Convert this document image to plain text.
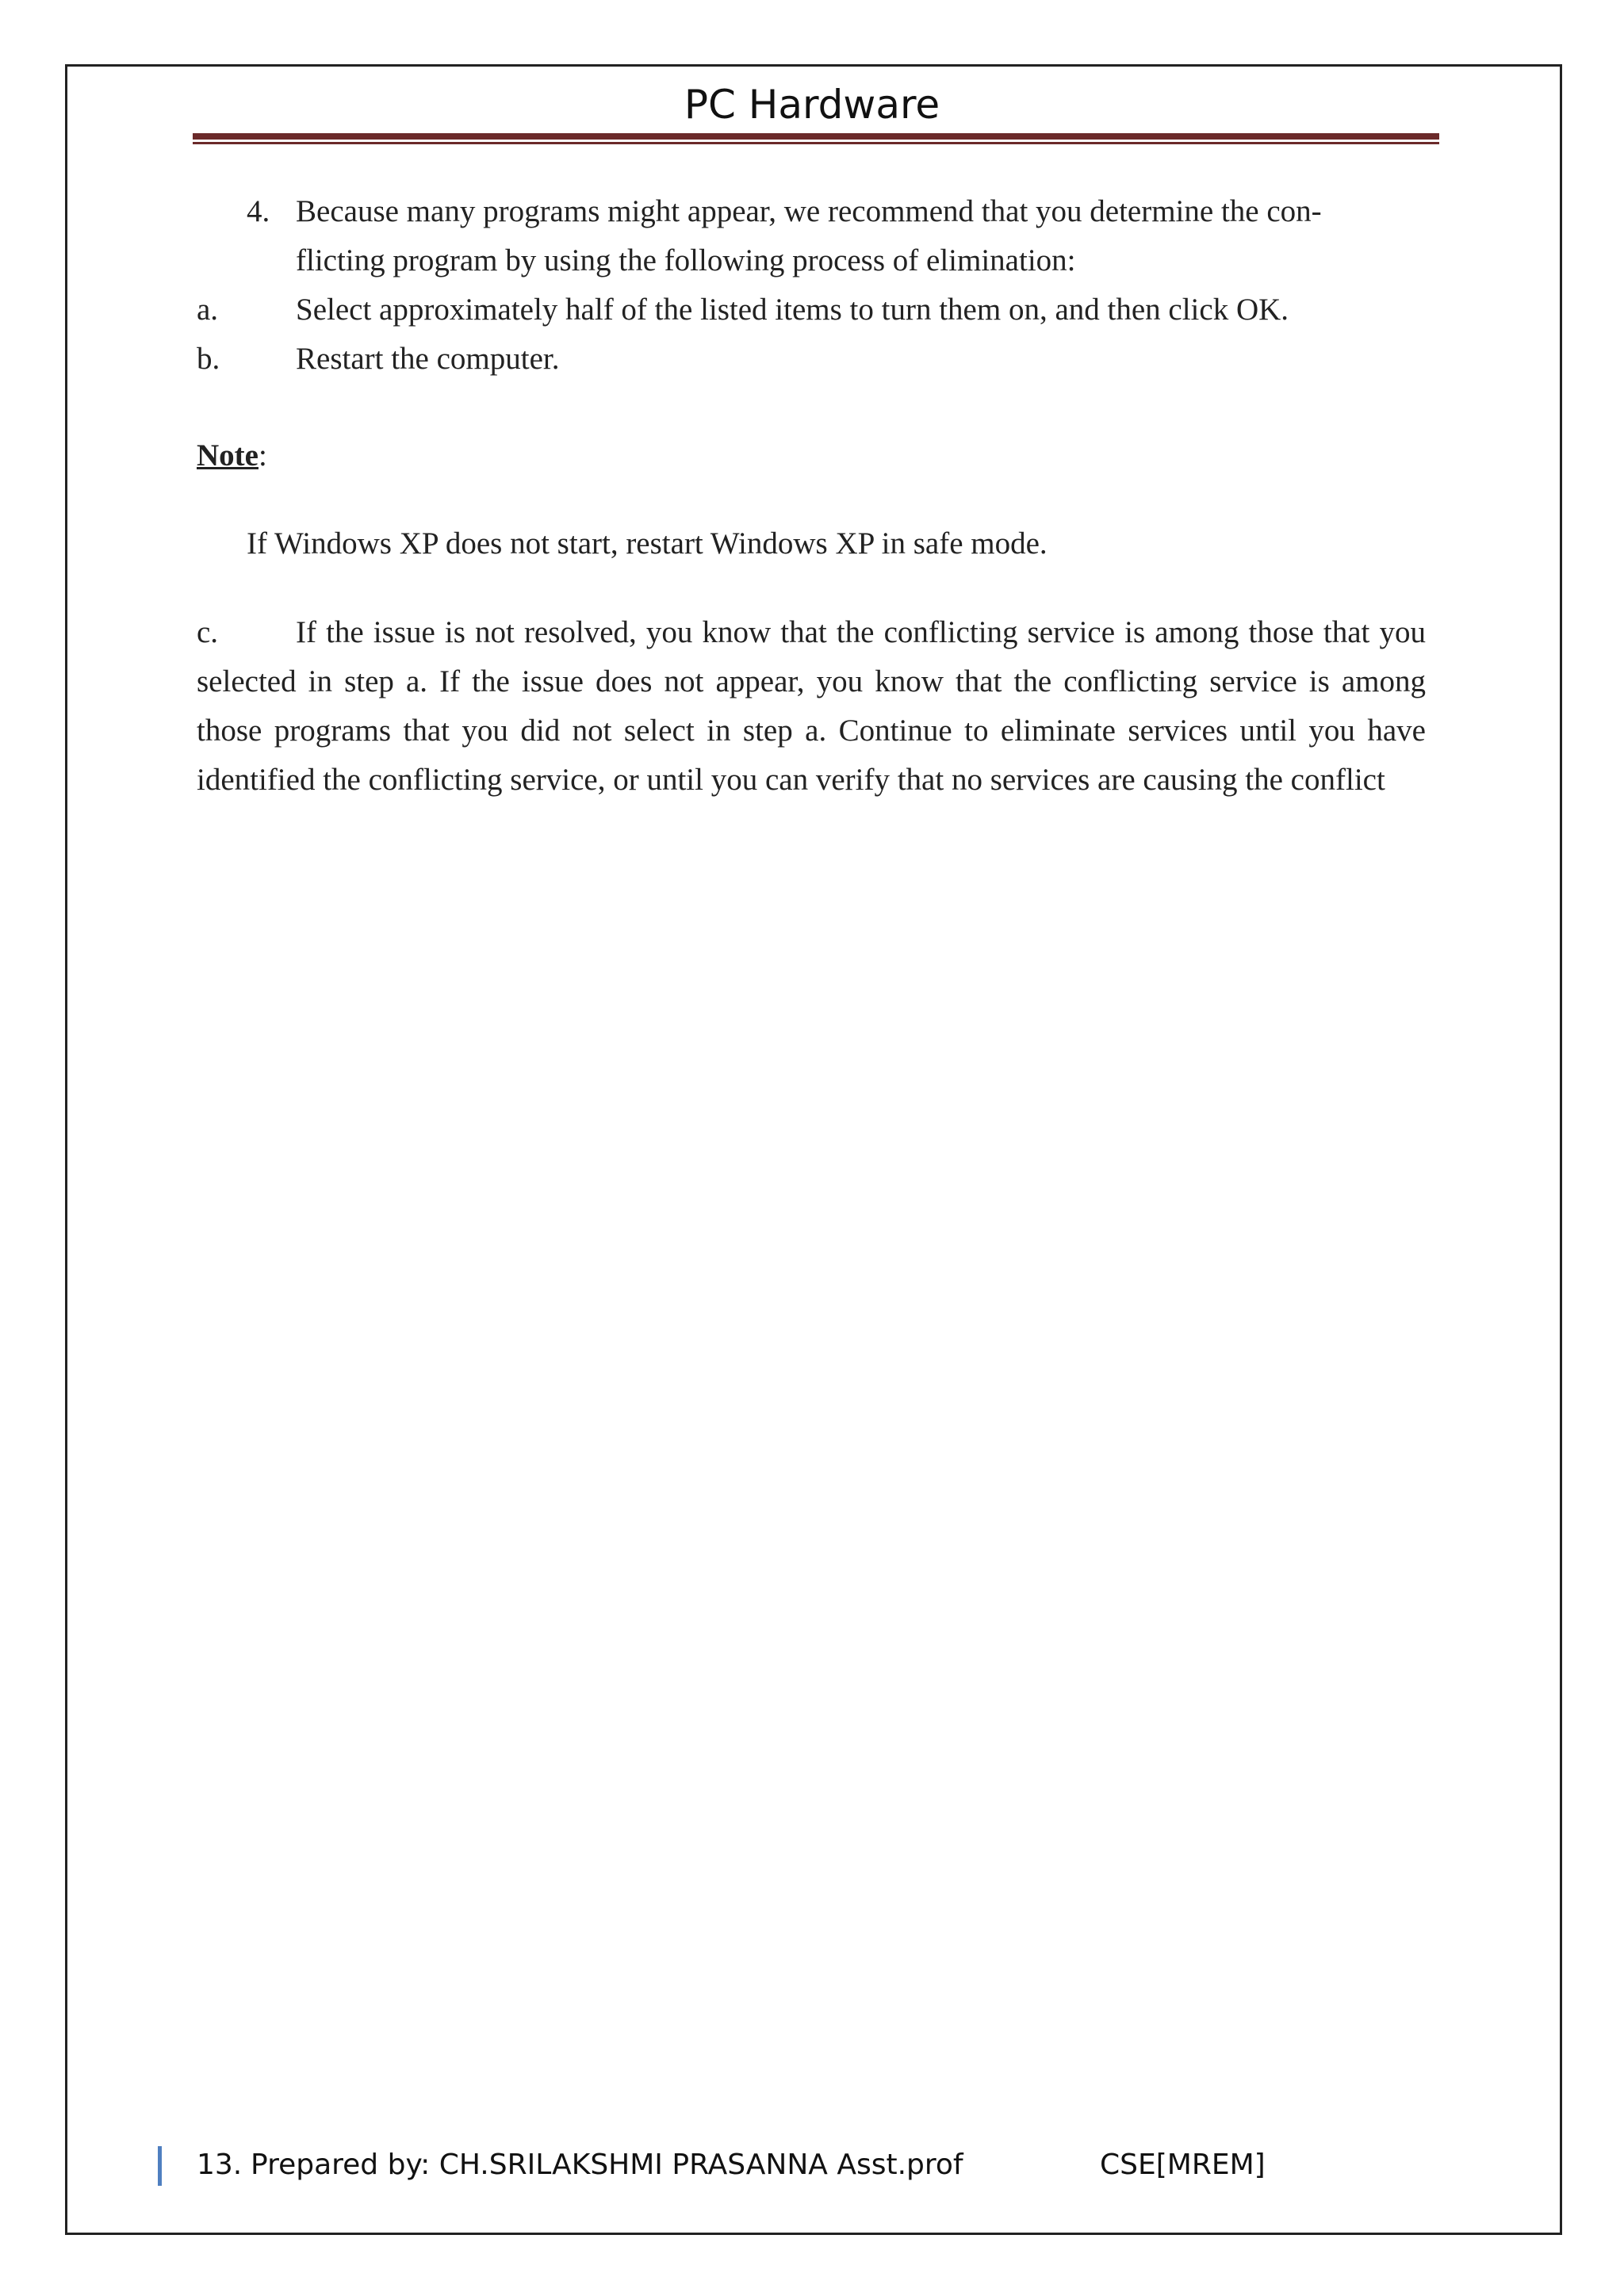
PC Hardware
4. Because many programs might appear, we recommend that you determine the con-
flicting program by using the following process of elimination:
a.	Select approximately half of the listed items to turn them on, and then click OK.
b. Restart the computer.
Note:
If Windows XP does not start, restart Windows XP in safe mode.
c.	If the issue is not resolved, you know that the conflicting service is among those that you selected in step a. If the issue does not appear, you know that the conflicting service is among those programs that you did not select in step a. Continue to eliminate services until you have identified the conflicting service, or until you can verify that no services are causing the conflict
13. Prepared by: CH.SRILAKSHMI PRASANNA Asst.prof	CSE[MREM]
